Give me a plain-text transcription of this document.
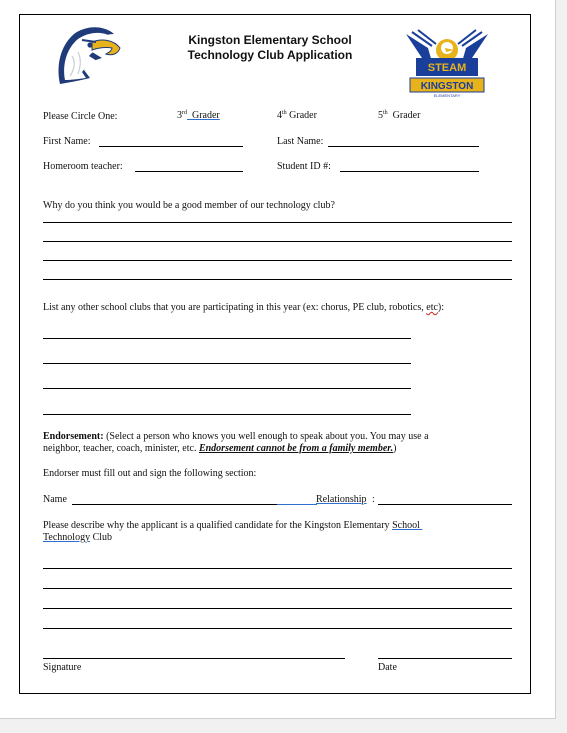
Kingston Elementary School
Technology Club Application
STEAM
KINGSTON
ELEMENTARY
Please Circle One:	3rd Grader	4th Grader	5th Grader
First Name:	Last Name:
Homeroom teacher:	Student ID #:
Why do you think you would be a good member of our technology club?
List any other school clubs that you are participating in this year (ex: chorus, PE club, robotics, etc):
Endorsement: (Select a person who knows you well enough to speak about you. You may use a
neighbor, teacher, coach, minister, etc. Endorsement cannot be from a family member.)
Endorser must fill out and sign the following section:
Name	Relationship :
Please describe why the applicant is a qualified candidate for the Kingston Elementary School
Technology Club
Signature	Date
